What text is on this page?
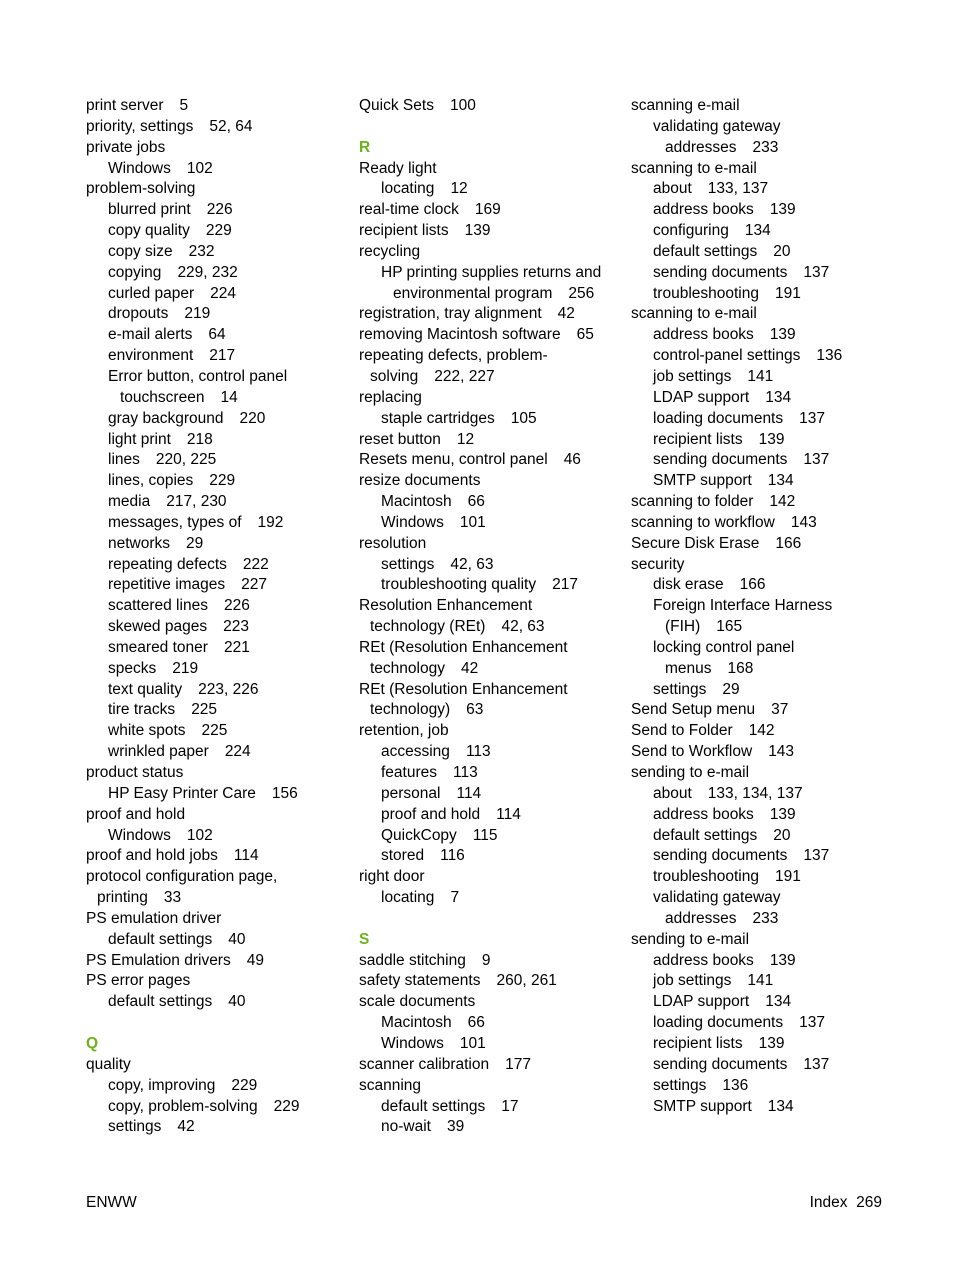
print server 5
priority, settings 52, 64
private jobs
Windows 102
problem-solving
blurred print 226
copy quality 229
copy size 232
copying 229, 232
curled paper 224
dropouts 219
e-mail alerts 64
environment 217
Error button, control panel
touchscreen 14
gray background 220
light print 218
lines 220, 225
lines, copies 229
media 217, 230
messages, types of 192
networks 29
repeating defects 222
repetitive images 227
scattered lines 226
skewed pages 223
smeared toner 221
specks 219
text quality 223, 226
tire tracks 225
white spots 225
wrinkled paper 224
product status
HP Easy Printer Care 156
proof and hold
Windows 102
proof and hold jobs 114
protocol configuration page,
printing 33
PS emulation driver
default settings 40
PS Emulation drivers 49
PS error pages
default settings 40
Q
quality
copy, improving 229
copy, problem-solving 229
settings 42
Quick Sets 100
R
Ready light
locating 12
real-time clock 169
recipient lists 139
recycling
HP printing supplies returns and
environmental program 256
registration, tray alignment 42
removing Macintosh software 65
repeating defects, problem-
solving 222, 227
replacing
staple cartridges 105
reset button 12
Resets menu, control panel 46
resize documents
Macintosh 66
Windows 101
resolution
settings 42, 63
troubleshooting quality 217
Resolution Enhancement
technology (REt) 42, 63
REt (Resolution Enhancement
technology 42
REt (Resolution Enhancement
technology) 63
retention, job
accessing 113
features 113
personal 114
proof and hold 114
QuickCopy 115
stored 116
right door
locating 7
S
saddle stitching 9
safety statements 260, 261
scale documents
Macintosh 66
Windows 101
scanner calibration 177
scanning
default settings 17
no-wait 39
scanning e-mail
validating gateway
addresses 233
scanning to e-mail
about 133, 137
address books 139
configuring 134
default settings 20
sending documents 137
troubleshooting 191
scanning to e-mail
address books 139
control-panel settings 136
job settings 141
LDAP support 134
loading documents 137
recipient lists 139
sending documents 137
SMTP support 134
scanning to folder 142
scanning to workflow 143
Secure Disk Erase 166
security
disk erase 166
Foreign Interface Harness
(FIH) 165
locking control panel
menus 168
settings 29
Send Setup menu 37
Send to Folder 142
Send to Workflow 143
sending to e-mail
about 133, 134, 137
address books 139
default settings 20
sending documents 137
troubleshooting 191
validating gateway
addresses 233
sending to e-mail
address books 139
job settings 141
LDAP support 134
loading documents 137
recipient lists 139
sending documents 137
settings 136
SMTP support 134
ENWW	Index 269
